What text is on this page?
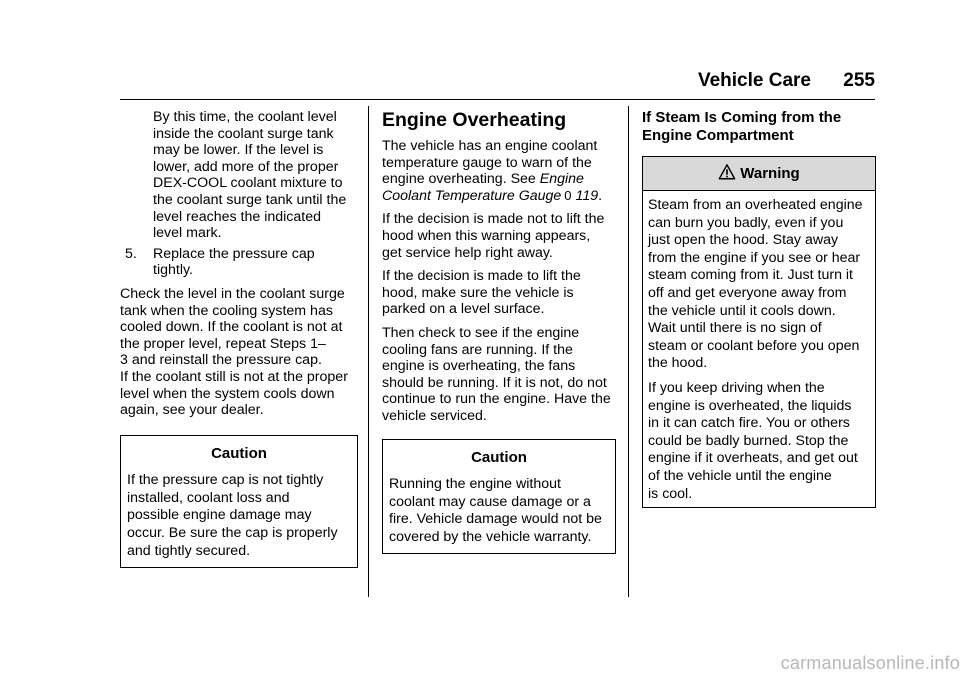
Vehicle Care 255
By this time, the coolant level
inside the coolant surge tank
may be lower. If the level is
lower, add more of the proper
DEX-COOL coolant mixture to
the coolant surge tank until the
level reaches the indicated
level mark.
5. Replace the pressure cap
tightly.

Check the level in the coolant surge
tank when the cooling system has
cooled down. If the coolant is not at
the proper level, repeat Steps 1–
3 and reinstall the pressure cap.
If the coolant still is not at the proper
level when the system cools down
again, see your dealer.

Caution
If the pressure cap is not tightly
installed, coolant loss and
possible engine damage may
occur. Be sure the cap is properly
and tightly secured.
Engine Overheating

The vehicle has an engine coolant
temperature gauge to warn of the
engine overheating. See Engine
Coolant Temperature Gauge 0 119.

If the decision is made not to lift the
hood when this warning appears,
get service help right away.

If the decision is made to lift the
hood, make sure the vehicle is
parked on a level surface.

Then check to see if the engine
cooling fans are running. If the
engine is overheating, the fans
should be running. If it is not, do not
continue to run the engine. Have the
vehicle serviced.

Caution
Running the engine without
coolant may cause damage or a
fire. Vehicle damage would not be
covered by the vehicle warranty.
If Steam Is Coming from the
Engine Compartment
Warning

Steam from an overheated engine
can burn you badly, even if you
just open the hood. Stay away
from the engine if you see or hear
steam coming from it. Just turn it
off and get everyone away from
the vehicle until it cools down.
Wait until there is no sign of
steam or coolant before you open
the hood.

If you keep driving when the
engine is overheated, the liquids
in it can catch fire. You or others
could be badly burned. Stop the
engine if it overheats, and get out
of the vehicle until the engine
is cool.

carmanualsonline.info
